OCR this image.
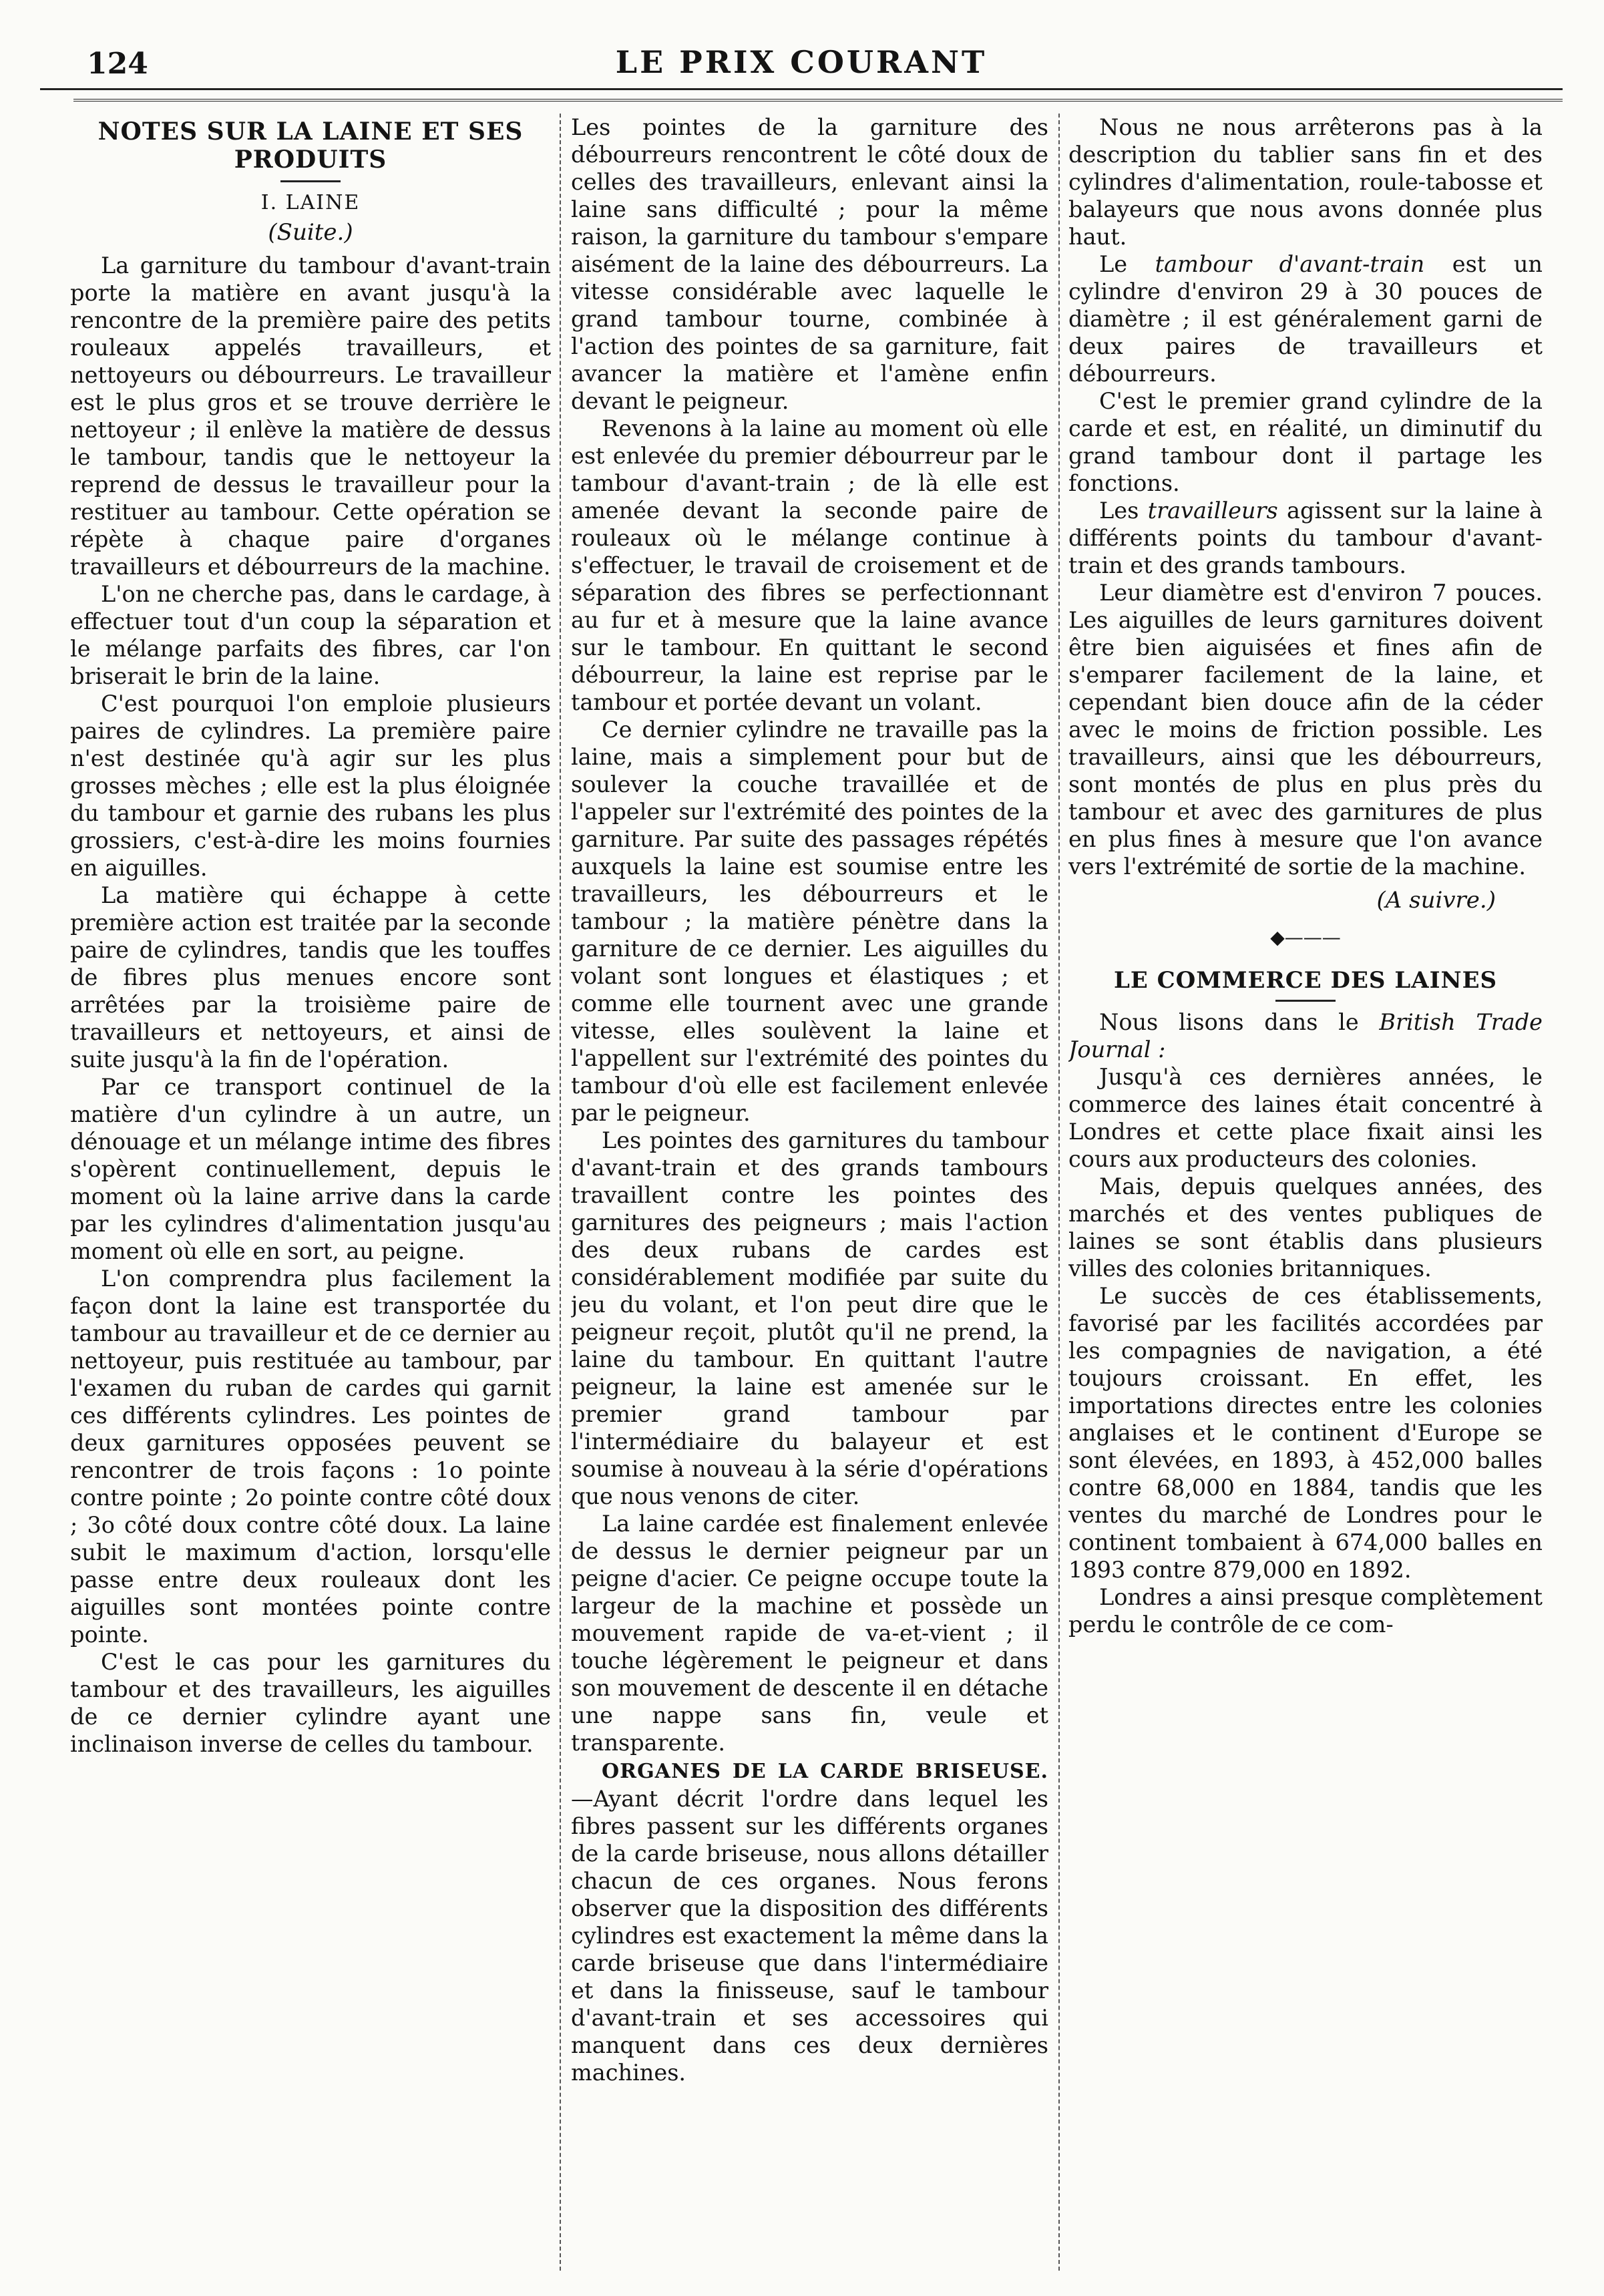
124	LE PRIX COURANT
NOTES SUR LA LAINE ET SES PRODUITS
I. LAINE
(Suite.)

La garniture du tambour d'avant-train porte la matière en avant jusqu'à la rencontre de la première paire des petits rouleaux appelés travailleurs, et nettoyeurs ou débourreurs. Le travailleur est le plus gros et se trouve derrière le nettoyeur ; il enlève la matière de dessus le tambour, tandis que le nettoyeur la reprend de dessus le travailleur pour la restituer au tambour. Cette opération se répète à chaque paire d'organes travailleurs et débourreurs de la machine.

L'on ne cherche pas, dans le cardage, à effectuer tout d'un coup la séparation et le mélange parfaits des fibres, car l'on briserait le brin de la laine.

C'est pourquoi l'on emploie plusieurs paires de cylindres. La première paire n'est destinée qu'à agir sur les plus grosses mèches ; elle est la plus éloignée du tambour et garnie des rubans les plus grossiers, c'est-à-dire les moins fournies en aiguilles.

La matière qui échappe à cette première action est traitée par la seconde paire de cylindres, tandis que les touffes de fibres plus menues encore sont arrêtées par la troisième paire de travailleurs et nettoyeurs, et ainsi de suite jusqu'à la fin de l'opération.

Par ce transport continuel de la matière d'un cylindre à un autre, un dénouage et un mélange intime des fibres s'opèrent continuellement, depuis le moment où la laine arrive dans la carde par les cylindres d'alimentation jusqu'au moment où elle en sort, au peigne.

L'on comprendra plus facilement la façon dont la laine est transportée du tambour au travailleur et de ce dernier au nettoyeur, puis restituée au tambour, par l'examen du ruban de cardes qui garnit ces différents cylindres. Les pointes de deux garnitures opposées peuvent se rencontrer de trois façons : 1o pointe contre pointe ; 2o pointe contre côté doux ; 3o côté doux contre côté doux. La laine subit le maximum d'action, lorsqu'elle passe entre deux rouleaux dont les aiguilles sont montées pointe contre pointe.

C'est le cas pour les garnitures du tambour et des travailleurs, les aiguilles de ce dernier cylindre ayant une inclinaison inverse de celles du tambour.

Les pointes de la garniture des débourreurs rencontrent le côté doux de celles des travailleurs, enlevant ainsi la laine sans difficulté ; pour la même raison, la garniture du tambour s'empare aisément de la laine des débourreurs. La vitesse considérable avec laquelle le grand tambour tourne, combinée à l'action des pointes de sa garniture, fait avancer la matière et l'amène enfin devant le peigneur.

Revenons à la laine au moment où elle est enlevée du premier débourreur par le tambour d'avant-train ; de là elle est amenée devant la seconde paire de rouleaux où le mélange continue à s'effectuer, le travail de croisement et de séparation des fibres se perfectionnant au fur et à mesure que la laine avance sur le tambour. En quittant le second débourreur, la laine est reprise par le tambour et portée devant un volant.

Ce dernier cylindre ne travaille pas la laine, mais a simplement pour but de soulever la couche travaillée et de l'appeler sur l'extrémité des pointes de la garniture. Par suite des passages répétés auxquels la laine est soumise entre les travailleurs, les débourreurs et le tambour ; la matière pénètre dans la garniture de ce dernier. Les aiguilles du volant sont longues et élastiques ; et comme elle tournent avec une grande vitesse, elles soulèvent la laine et l'appellent sur l'extrémité des pointes du tambour d'où elle est facilement enlevée par le peigneur.

Les pointes des garnitures du tambour d'avant-train et des grands tambours travaillent contre les pointes des garnitures des peigneurs ; mais l'action des deux rubans de cardes est considérablement modifiée par suite du jeu du volant, et l'on peut dire que le peigneur reçoit, plutôt qu'il ne prend, la laine du tambour. En quittant l'autre peigneur, la laine est amenée sur le premier grand tambour par l'intermédiaire du balayeur et est soumise à nouveau à la série d'opérations que nous venons de citer.

La laine cardée est finalement enlevée de dessus le dernier peigneur par un peigne d'acier. Ce peigne occupe toute la largeur de la machine et possède un mouvement rapide de va-et-vient ; il touche légèrement le peigneur et dans son mouvement de descente il en détache une nappe sans fin, veule et transparente.

ORGANES DE LA CARDE BRISEUSE. —Ayant décrit l'ordre dans lequel les fibres passent sur les différents organes de la carde briseuse, nous allons détailler chacun de ces organes. Nous ferons observer que la disposition des différents cylindres est exactement la même dans la carde briseuse que dans l'intermédiaire et dans la finisseuse, sauf le tambour d'avant-train et ses accessoires qui manquent dans ces deux dernières machines.

Nous ne nous arrêterons pas à la description du tablier sans fin et des cylindres d'alimentation, roule-tabosse et balayeurs que nous avons donnée plus haut.

Le tambour d'avant-train est un cylindre d'environ 29 à 30 pouces de diamètre ; il est généralement garni de deux paires de travailleurs et débourreurs.

C'est le premier grand cylindre de la carde et est, en réalité, un diminutif du grand tambour dont il partage les fonctions.

Les travailleurs agissent sur la laine à différents points du tambour d'avant-train et des grands tambours.

Leur diamètre est d'environ 7 pouces. Les aiguilles de leurs garnitures doivent être bien aiguisées et fines afin de s'emparer facilement de la laine, et cependant bien douce afin de la céder avec le moins de friction possible. Les travailleurs, ainsi que les débourreurs, sont montés de plus en plus près du tambour et avec des garnitures de plus en plus fines à mesure que l'on avance vers l'extrémité de sortie de la machine.

(A suivre.)
◆———
LE COMMERCE DES LAINES

Nous lisons dans le British Trade Journal :

Jusqu'à ces dernières années, le commerce des laines était concentré à Londres et cette place fixait ainsi les cours aux producteurs des colonies.

Mais, depuis quelques années, des marchés et des ventes publiques de laines se sont établis dans plusieurs villes des colonies britanniques.

Le succès de ces établissements, favorisé par les facilités accordées par les compagnies de navigation, a été toujours croissant. En effet, les importations directes entre les colonies anglaises et le continent d'Europe se sont élevées, en 1893, à 452,000 balles contre 68,000 en 1884, tandis que les ventes du marché de Londres pour le continent tombaient à 674,000 balles en 1893 contre 879,000 en 1892.

Londres a ainsi presque complètement perdu le contrôle de ce com-
